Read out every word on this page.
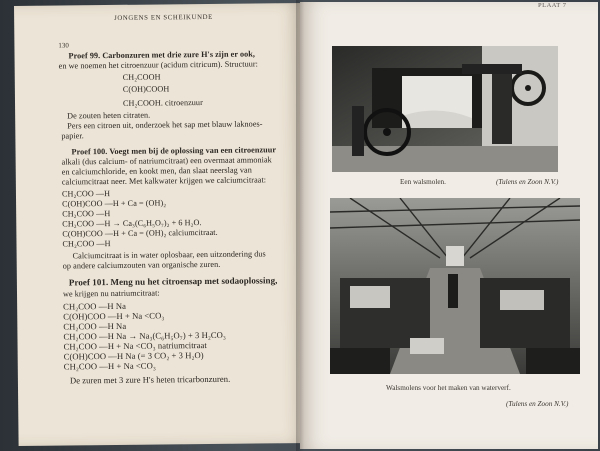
JONGENS EN SCHEIKUNDE
130
Proef 99. Carbonzuren met drie zure H's zijn er ook,
en we noemen het citroenzuur (acidum citricum). Structuur:
CH₂COOH
C(OH)COOH
CH₂COOH. citroenzuur
De zouten heten citraten.
Pers een citroen uit, onderzoek het sap met blauw laknoes-
papier.
Proef 100. Voegt men bij de oplossing van een citroenzuur
alkali (dus calcium- of natriumcitraat) een overmaat ammoniak
en calciumchloride, en kookt men, dan slaat neerslag van
calciumcitraat neer. Met kalkwater krijgen we calciumcitraat:
CH₂COO —H
C(OH)COO —H + Ca = (OH)₂
CH₂COO —H
CH₂COO —H → Ca₃(C₆H₅O₇)₂ + 6 H₂O.
C(OH)COO —H + Ca = (OH)₂ calciumcitraat.
CH₂COO —H
Calciumcitraat is in water oplosbaar, een uitzondering dus
op andere calciumzouten van organische zuren.
Proef 101. Meng nu het citroensap met sodaoplossing,
we krijgen nu natriumcitraat:
CH₂COO —H Na
C(OH)COO —H + Na <CO₃
CH₂COO —H Na
CH₂COO —H Na → Na₃(C₆H₅O₇) + 3 H₂CO₃
CH₂COO —H + Na <CO₃ natriumcitraat
C(OH)COO —H Na (= 3 CO₂ + 3 H₂O)
CH₂COO —H + Na <CO₃
De zuren met 3 zure H's heten tricarbonzuren.
PLAAT 7
Een walsmolen.	(Tulens en Zoon N.V.)
Walsmolens voor het maken van waterverf.
(Tulens en Zoon N.V.)
